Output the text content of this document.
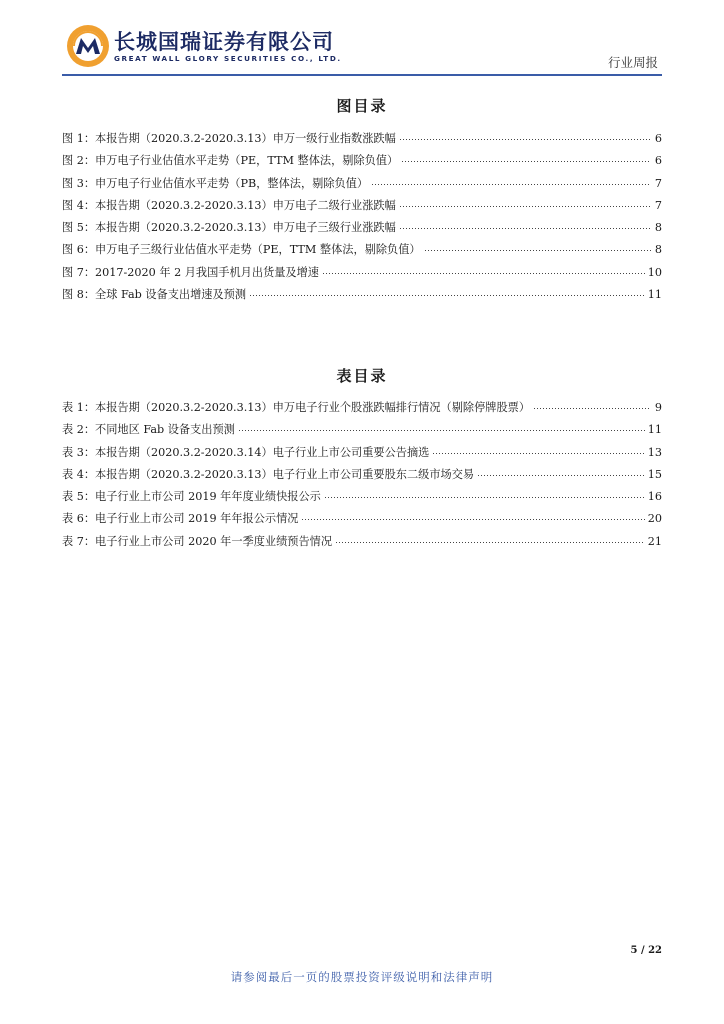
长城国瑞证券有限公司
GREAT WALL GLORY SECURITIES CO., LTD.	行业周报
图目录
图 1：本报告期（2020.3.2-2020.3.13）申万一级行业指数涨跌幅	6
图 2：申万电子行业估值水平走势（PE，TTM 整体法，剔除负值）	6
图 3：申万电子行业估值水平走势（PB，整体法，剔除负值）	7
图 4：本报告期（2020.3.2-2020.3.13）申万电子二级行业涨跌幅	7
图 5：本报告期（2020.3.2-2020.3.13）申万电子三级行业涨跌幅	8
图 6：申万电子三级行业估值水平走势（PE，TTM 整体法，剔除负值）	8
图 7：2017-2020 年 2 月我国手机月出货量及增速	10
图 8：全球 Fab 设备支出增速及预测	11
表目录
表 1：本报告期（2020.3.2-2020.3.13）申万电子行业个股涨跌幅排行情况（剔除停牌股票）	9
表 2：不同地区 Fab 设备支出预测	11
表 3：本报告期（2020.3.2-2020.3.14）电子行业上市公司重要公告摘选	13
表 4：本报告期（2020.3.2-2020.3.13）电子行业上市公司重要股东二级市场交易	15
表 5：电子行业上市公司 2019 年年度业绩快报公示	16
表 6：电子行业上市公司 2019 年年报公示情况	20
表 7：电子行业上市公司 2020 年一季度业绩预告情况	21
5 / 22
请参阅最后一页的股票投资评级说明和法律声明
